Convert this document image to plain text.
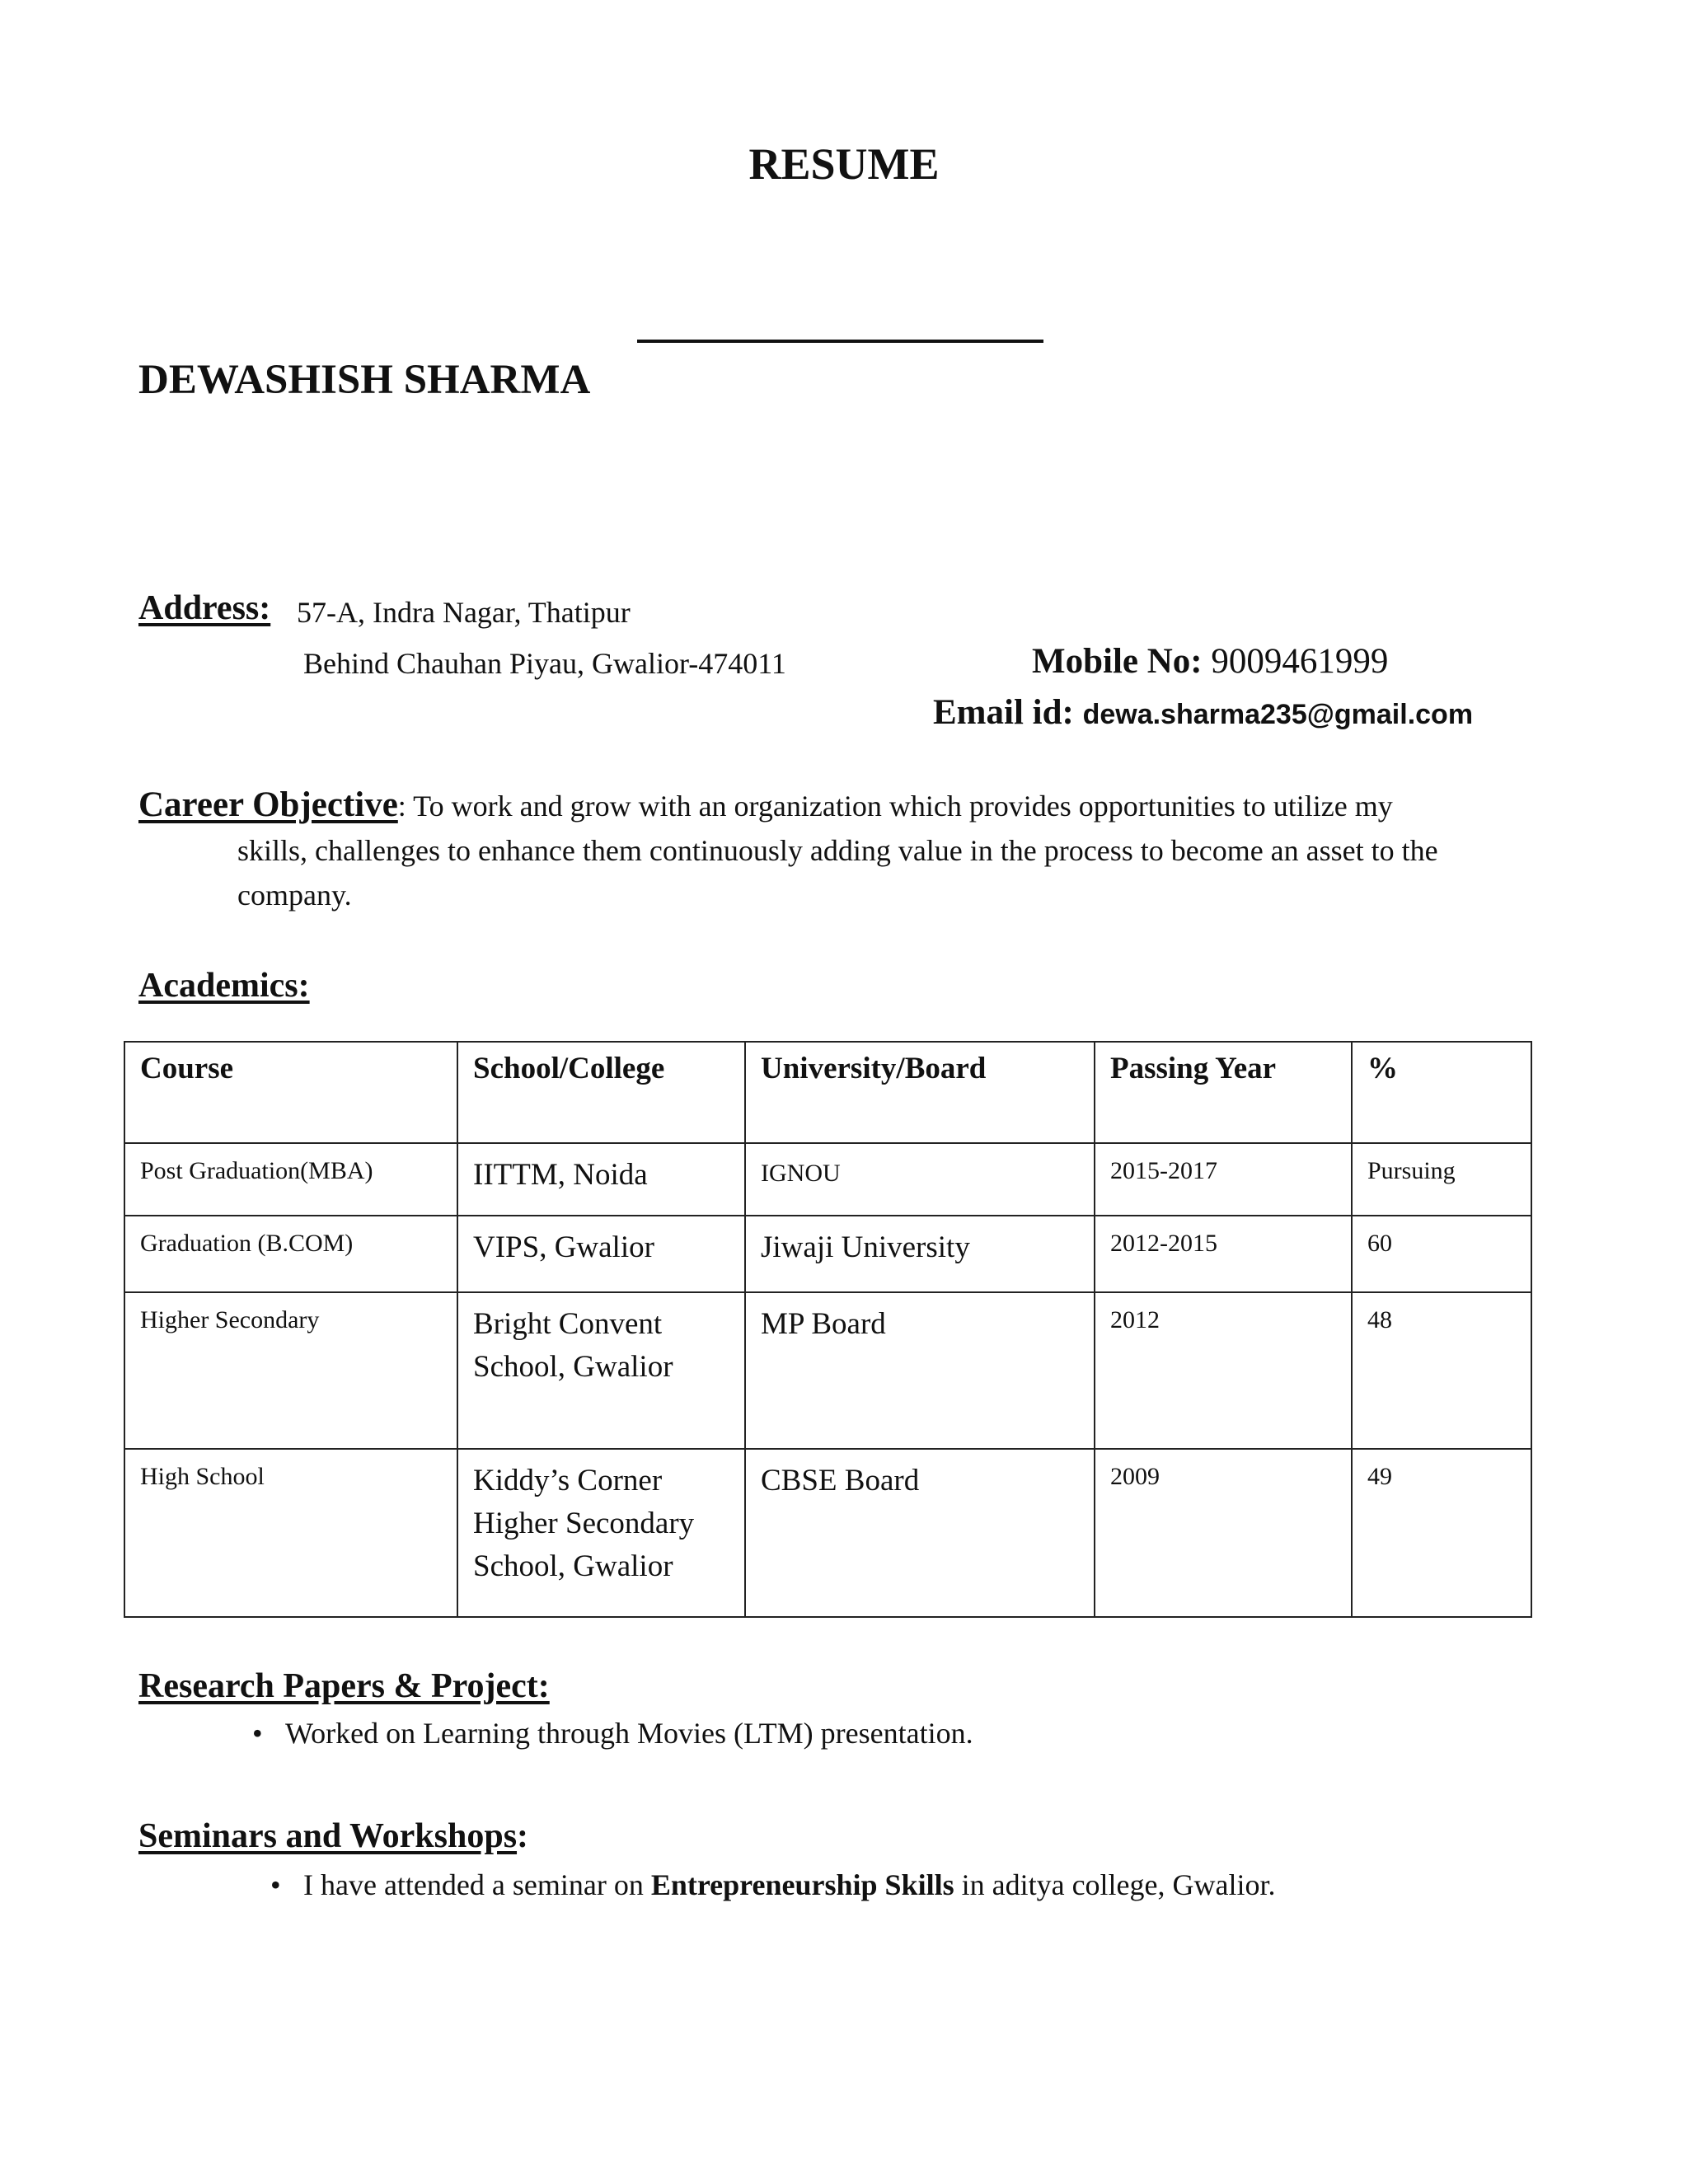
RESUME
DEWASHISH SHARMA
Address: 57-A, Indra Nagar, Thatipur
Behind Chauhan Piyau, Gwalior-474011	Mobile No: 9009461999
Email id: dewa.sharma235@gmail.com
Career Objective: To work and grow with an organization which provides opportunities to utilize my
skills, challenges to enhance them continuously adding value in the process to become an asset to the company.
Academics:
Course	School/College	University/Board	Passing Year	%
Post Graduation(MBA)	IITTM, Noida	IGNOU	2015-2017	Pursuing
Graduation (B.COM)	VIPS, Gwalior	Jiwaji University	2012-2015	60
Higher Secondary	Bright Convent School, Gwalior	MP Board	2012	48
High School	Kiddy’s Corner Higher Secondary School, Gwalior	CBSE Board	2009	49
Research Papers & Project:
• Worked on Learning through Movies (LTM) presentation.
Seminars and Workshops:
• I have attended a seminar on Entrepreneurship Skills in aditya college, Gwalior.
